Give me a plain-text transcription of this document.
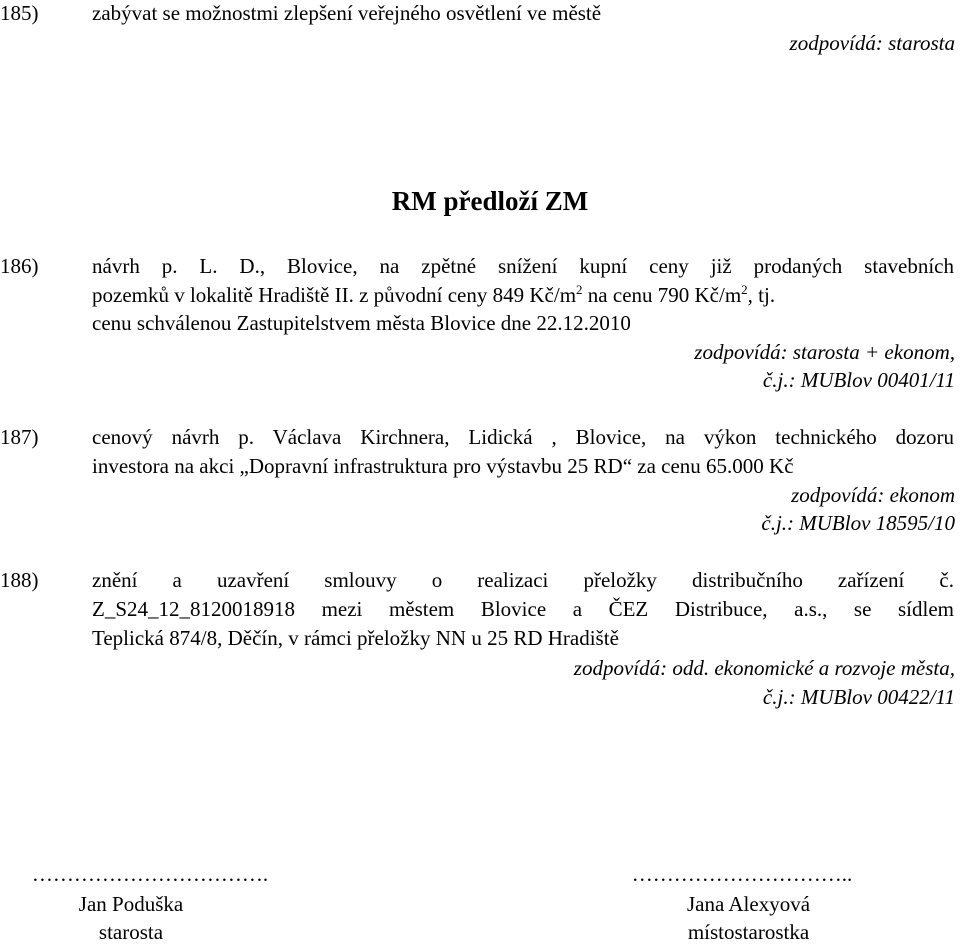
185)	zabývat se možnostmi zlepšení veřejného osvětlení ve městě
zodpovídá: starosta
RM předloží ZM
186)	návrh p. L. D., Blovice, na zpětné snížení kupní ceny již prodaných stavebních
pozemků v lokalitě Hradiště II. z původní ceny 849 $Kč/m^2$ na cenu 790 $Kč/m^2$, tj.
cenu schválenou Zastupitelstvem města Blovice dne 22.12.2010
zodpovídá: starosta + ekonom,
č.j.: MUBlov 00401/11
187)	cenový návrh p. Václava Kirchnera, Lidická , Blovice, na výkon technického dozoru
investora na akci „Dopravní infrastruktura pro výstavbu 25 RD“ za cenu 65.000 Kč
zodpovídá: ekonom
č.j.: MUBlov 18595/10
188)	znění a uzavření smlouvy o realizaci přeložky distribučního zařízení č.
Z_S24_12_8120018918 mezi městem Blovice a ČEZ Distribuce, a.s., se sídlem
Teplická 874/8, Děčín, v rámci přeložky NN u 25 RD Hradiště
zodpovídá: odd. ekonomické a rozvoje města,
č.j.: MUBlov 00422/11
…………………………….
Jan Poduška
starosta
…………………………..
Jana Alexyová
místostarostka
